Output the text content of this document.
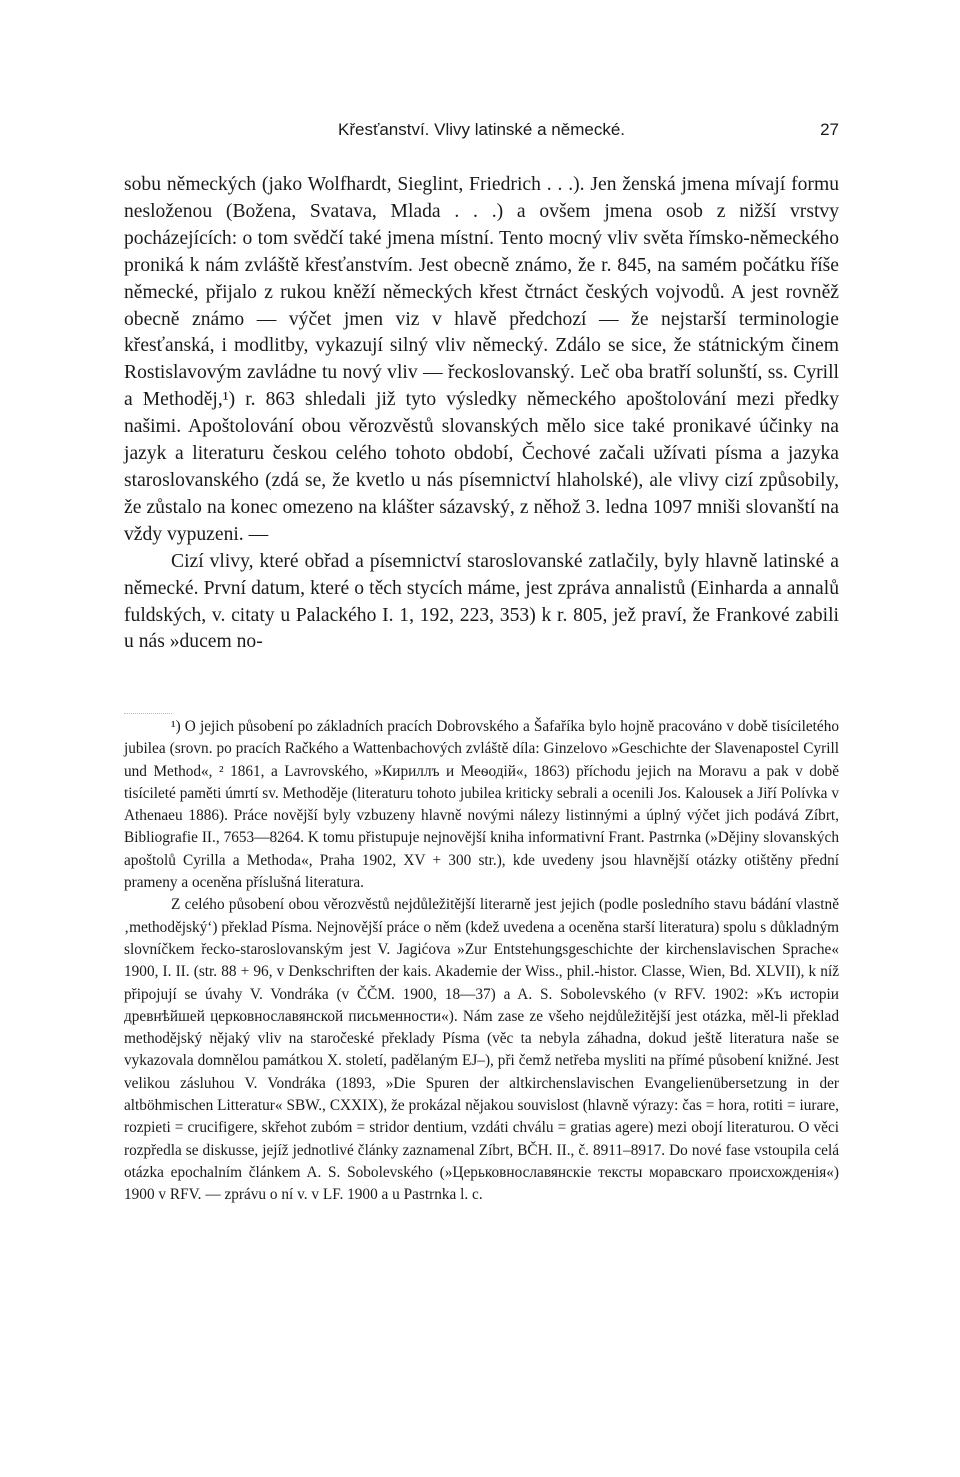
Křesťanství. Vlivy latinské a německé.	27

sobu německých (jako Wolfhardt, Sieglint, Friedrich . . .). Jen ženská jmena mívají formu nesloženou (Božena, Svatava, Mlada . . .) a ovšem jmena osob z nižší vrstvy pocházejících: o tom svědčí také jmena místní. Tento mocný vliv světa římsko-německého proniká k nám zvláště křesťanstvím. Jest obecně známo, že r. 845, na samém počátku říše německé, přijalo z rukou kněží německých křest čtrnáct českých vojvodů. A jest rovněž obecně známo — výčet jmen viz v hlavě předchozí — že nejstarší terminologie křesťanská, i modlitby, vykazují silný vliv německý. Zdálo se sice, že státnickým činem Rostislavovým zavládne tu nový vliv — řeckoslovanský. Leč oba bratří solunští, ss. Cyrill a Methoděj,¹) r. 863 shledali již tyto výsledky německého apoštolování mezi předky našimi. Apoštolování obou věrozvěstů slovanských mělo sice také pronikavé účinky na jazyk a literaturu českou celého tohoto období, Čechové začali užívati písma a jazyka staroslovanského (zdá se, že kvetlo u nás písemnictví hlaholské), ale vlivy cizí způsobily, že zůstalo na konec omezeno na klášter sázavský, z něhož 3. ledna 1097 mniši slovanští na vždy vypuzeni. —

Cizí vlivy, které obřad a písemnictví staroslovanské zatlačily, byly hlavně latinské a německé. První datum, které o těch stycích máme, jest zpráva annalistů (Einharda a annalů fuldských, v. citaty u Palackého I. 1, 192, 223, 353) k r. 805, jež praví, že Frankové zabili u nás »ducem no-

¹) O jejich působení po základních pracích Dobrovského a Šafaříka bylo hojně pracováno v době tisíciletého jubilea (srovn. po pracích Račkého a Wattenbachových zvláště díla: Ginzelovo »Geschichte der Slavenapostel Cyrill und Method«, ² 1861, a Lavrovského, »Кириллъ и Меѳодій«, 1863) příchodu jejich na Moravu a pak v době tisícileté paměti úmrtí sv. Methoděje (literaturu tohoto jubilea kriticky sebrali a ocenili Jos. Kalousek a Jiří Polívka v Athenaeu 1886). Práce novější byly vzbuzeny hlavně novými nálezy listinnými a úplný výčet jich podává Zíbrt, Bibliografie II., 7653—8264. K tomu přistupuje nejnovější kniha informativní Frant. Pastrnka (»Dějiny slovanských apoštolů Cyrilla a Methoda«, Praha 1902, XV + 300 str.), kde uvedeny jsou hlavnější otázky otištěny přední prameny a oceněna příslušná literatura.

Z celého působení obou věrozvěstů nejdůležitější literarně jest jejich (podle posledního stavu bádání vlastně ‚methodějský‘) překlad Písma. Nejnovější práce o něm (kdež uvedena a oceněna starší literatura) spolu s důkladným slovníčkem řecko-staroslovanským jest V. Jagićova »Zur Entstehungsgeschichte der kirchenslavischen Sprache« 1900, I. II. (str. 88 + 96, v Denkschriften der kais. Akademie der Wiss., phil.-histor. Classe, Wien, Bd. XLVII), k níž připojují se úvahy V. Vondráka (v ČČM. 1900, 18—37) a A. S. Sobolevského (v RFV. 1902: »Къ исторіи древнѣйшей церковнославянской письменности«). Nám zase ze všeho nejdůležitější jest otázka, měl-li překlad methodějský nějaký vliv na staročeské překlady Písma (věc ta nebyla záhadna, dokud ještě literatura naše se vykazovala domnělou památkou X. století, padělaným EJ–), při čemž netřeba mysliti na přímé působení knižné. Jest velikou zásluhou V. Vondráka (1893, »Die Spuren der altkirchenslavischen Evangelienübersetzung in der altböhmischen Litteratur« SBW., CXXIX), že prokázal nějakou souvislost (hlavně výrazy: čas = hora, rotiti = iurare, rozpieti = crucifigere, skřehot zubóm = stridor dentium, vzdáti chválu = gratias agere) mezi obojí literaturou. O věci rozpředla se diskusse, jejíž jednotlivé články zaznamenal Zíbrt, BČH. II., č. 8911–8917. Do nové fase vstoupila celá otázka epochalním článkem A. S. Sobolevského (»Церьковнославянскіе тексты моравскаго происхожденія«) 1900 v RFV. — zprávu o ní v. v LF. 1900 a u Pastrnka l. c.
